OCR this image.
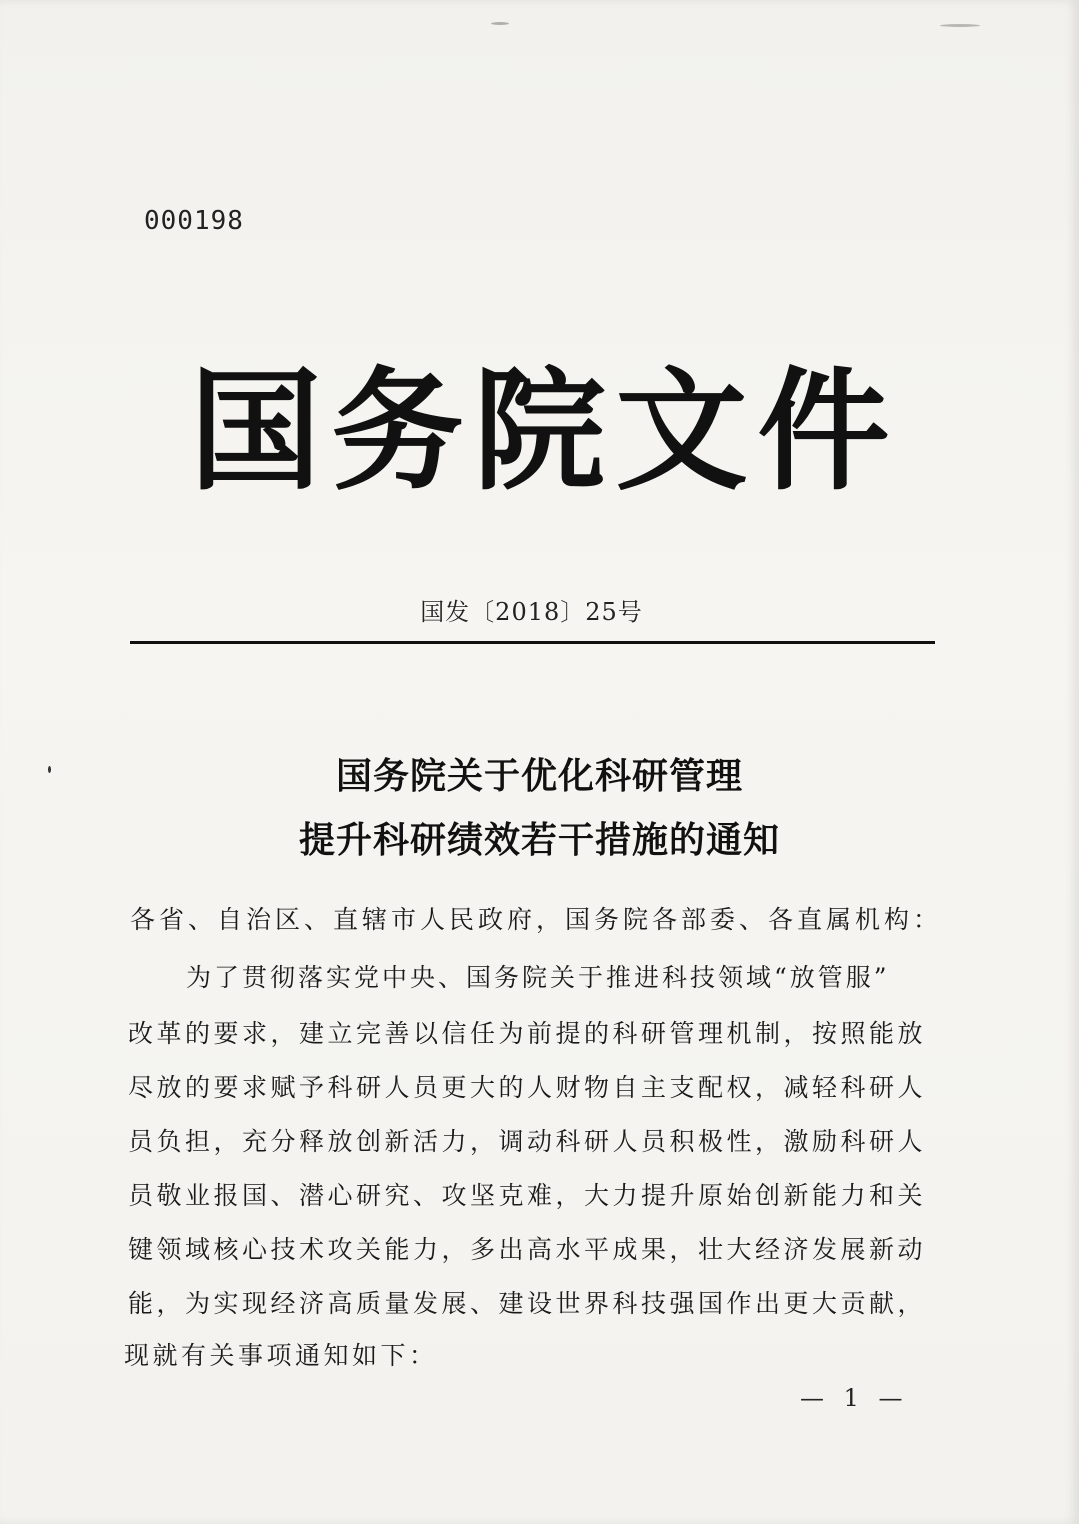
000198
国务院文件
国发〔2018〕25号
国务院关于优化科研管理
提升科研绩效若干措施的通知
各省、自治区、直辖市人民政府，国务院各部委、各直属机构：
为了贯彻落实党中央、国务院关于推进科技领域“放管服”
改革的要求，建立完善以信任为前提的科研管理机制，按照能放
尽放的要求赋予科研人员更大的人财物自主支配权，减轻科研人
员负担，充分释放创新活力，调动科研人员积极性，激励科研人
员敬业报国、潜心研究、攻坚克难，大力提升原始创新能力和关
键领域核心技术攻关能力，多出高水平成果，壮大经济发展新动
能，为实现经济高质量发展、建设世界科技强国作出更大贡献，
现就有关事项通知如下：
— 1 —
